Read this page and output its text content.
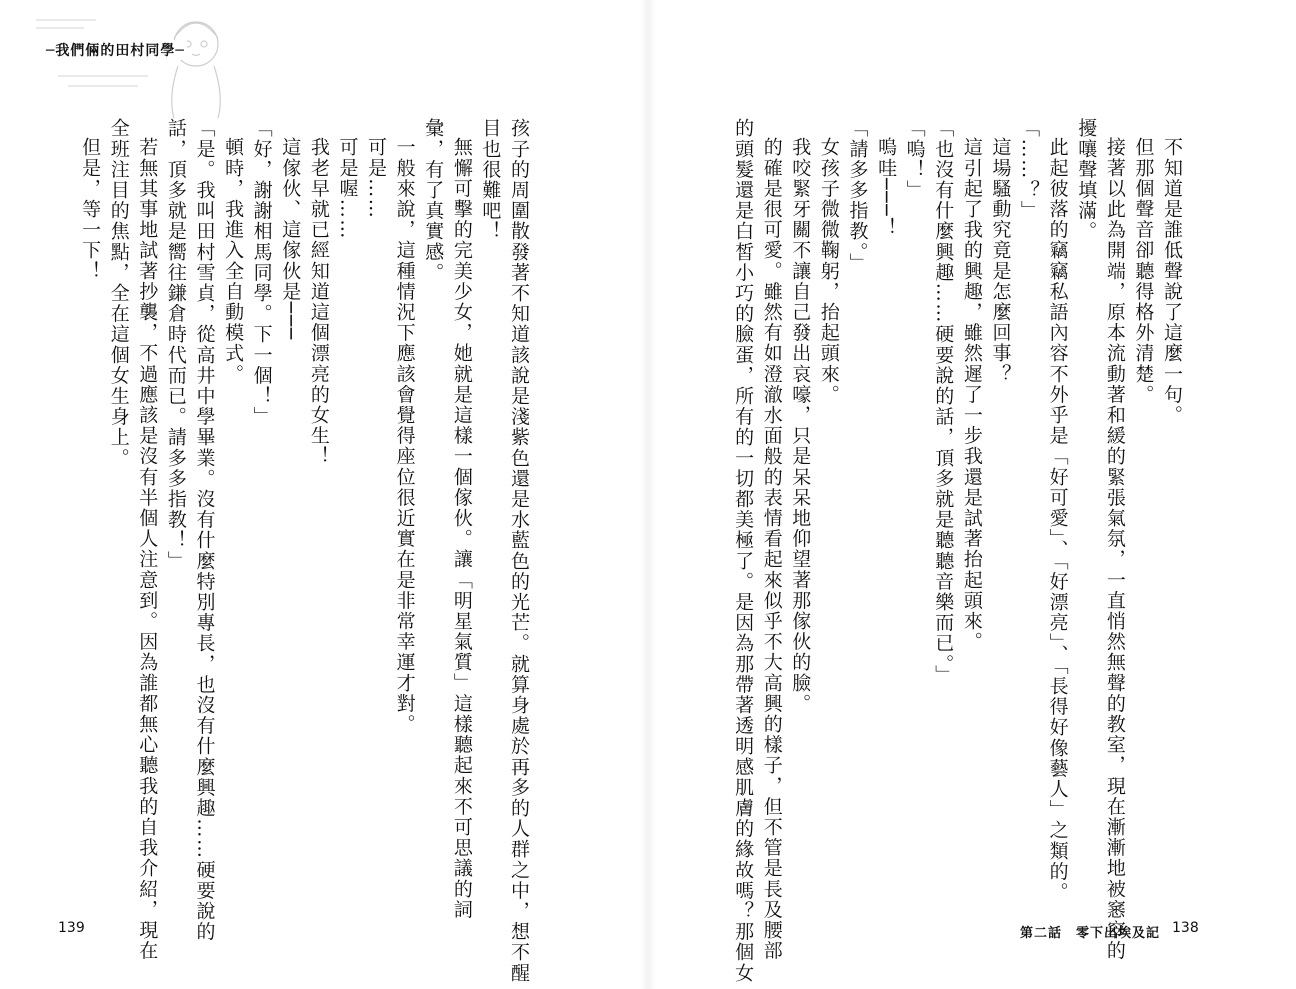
─我們倆的田村同學─

不知道是誰低聲說了這麼一句。

但那個聲音卻聽得格外清楚。

接著以此為開端，原本流動著和緩的緊張氣氛，一直悄然無聲的教室，現在漸漸地被窸窣的

擾嚷聲填滿。

此起彼落的竊竊私語內容不外乎是「好可愛」、「好漂亮」、「長得好像藝人」之類的。

「……？」

這場騷動究竟是怎麼回事？

這引起了我的興趣，雖然遲了一步我還是試著抬起頭來。

「也沒有什麼興趣……硬要說的話，頂多就是聽聽音樂而已。」

「嗚！」

嗚哇───！

「請多多指教。」

女孩子微微鞠躬，抬起頭來。

我咬緊牙關不讓自己發出哀嚎，只是呆呆地仰望著那傢伙的臉。

的確是很可愛。雖然有如澄澈水面般的表情看起來似乎不大高興的樣子，但不管是長及腰部

的頭髮還是白皙小巧的臉蛋，所有的一切都美極了。是因為那帶著透明感肌膚的緣故嗎？那個女

孩子的周圍散發著不知道該說是淺紫色還是水藍色的光芒。就算身處於再多的人群之中，想不醒

目也很難吧！

無懈可擊的完美少女，她就是這樣一個傢伙。讓「明星氣質」這樣聽起來不可思議的詞

彙，有了真實感。

一般來說，這種情況下應該會覺得座位很近實在是非常幸運才對。

可是……

可是喔……

我老早就已經知道這個漂亮的女生！

這傢伙、這傢伙是───

「好，謝謝相馬同學。下一個！」

頓時，我進入全自動模式。

「是。我叫田村雪貞，從高井中學畢業。沒有什麼特別專長，也沒有什麼興趣……硬要說的

話，頂多就是嚮往鎌倉時代而已。請多多指教！」

若無其事地試著抄襲，不過應該是沒有半個人注意到。因為誰都無心聽我的自我介紹，現在

全班注目的焦點，全在這個女生身上。

但是，等一下！

139	第二話　零下出埃及記 138
